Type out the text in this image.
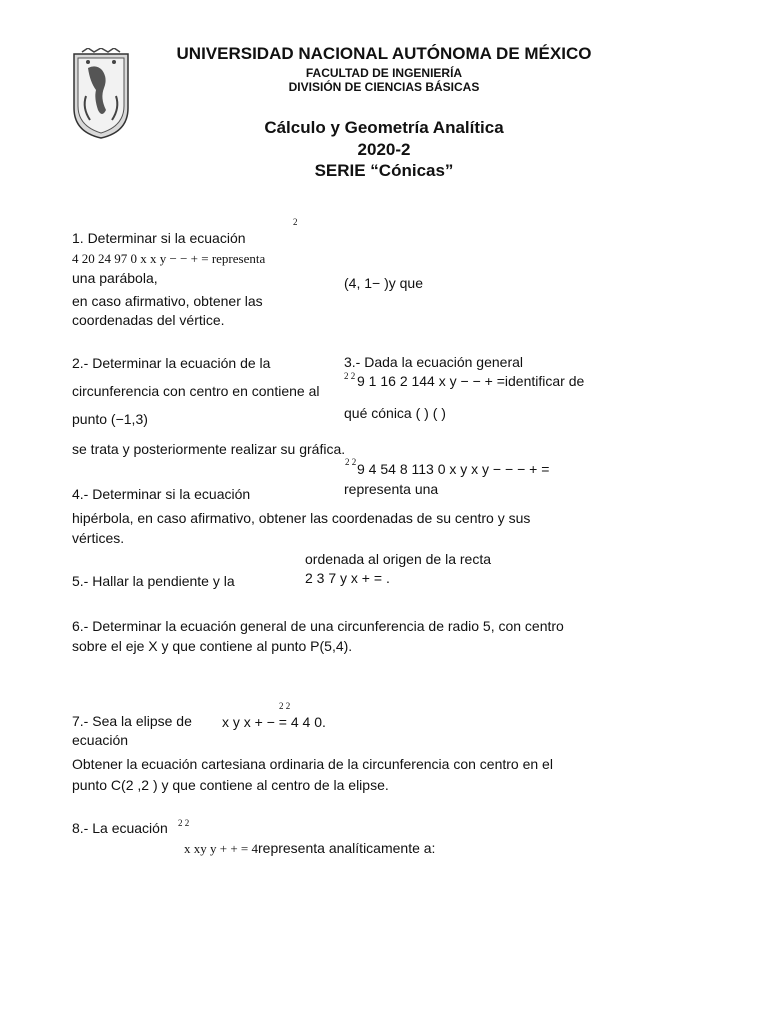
UNIVERSIDAD NACIONAL AUTÓNOMA DE MÉXICO
FACULTAD DE INGENIERÍA
DIVISIÓN DE CIENCIAS BÁSICAS
Cálculo y Geometría Analítica
2020-2
SERIE “Cónicas”
2
1. Determinar si la ecuación
4 20 24 97 0 x x y − − + = representa
una parábola,	(4, 1− )y que
en caso afirmativo, obtener las
coordenadas del vértice.
2.- Determinar la ecuación de la
circunferencia con centro en contiene al
punto (−1,3)
3.- Dada la ecuación general
2 2 9 1 16 2 144 x y − − + =identificar de
qué cónica ( ) ( )
se trata y posteriormente realizar su gráfica.
2 2 9 4 54 8 113 0 x y x y − − − + =
representa una
4.- Determinar si la ecuación
hipérbola, en caso afirmativo, obtener las coordenadas de su centro y sus
vértices.
ordenada al origen de la recta
2 3 7 y x + = .
5.- Hallar la pendiente y la
6.- Determinar la ecuación general de una circunferencia de radio 5, con centro
sobre el eje X y que contiene al punto P(5,4).
2 2
7.- Sea la elipse de x y x + − = 4 4 0.
ecuación
Obtener la ecuación cartesiana ordinaria de la circunferencia con centro en el
punto C(2 ,2 ) y que contiene al centro de la elipse.
8.- La ecuación 2 2
x xy y + + = 4representa analíticamente a:
